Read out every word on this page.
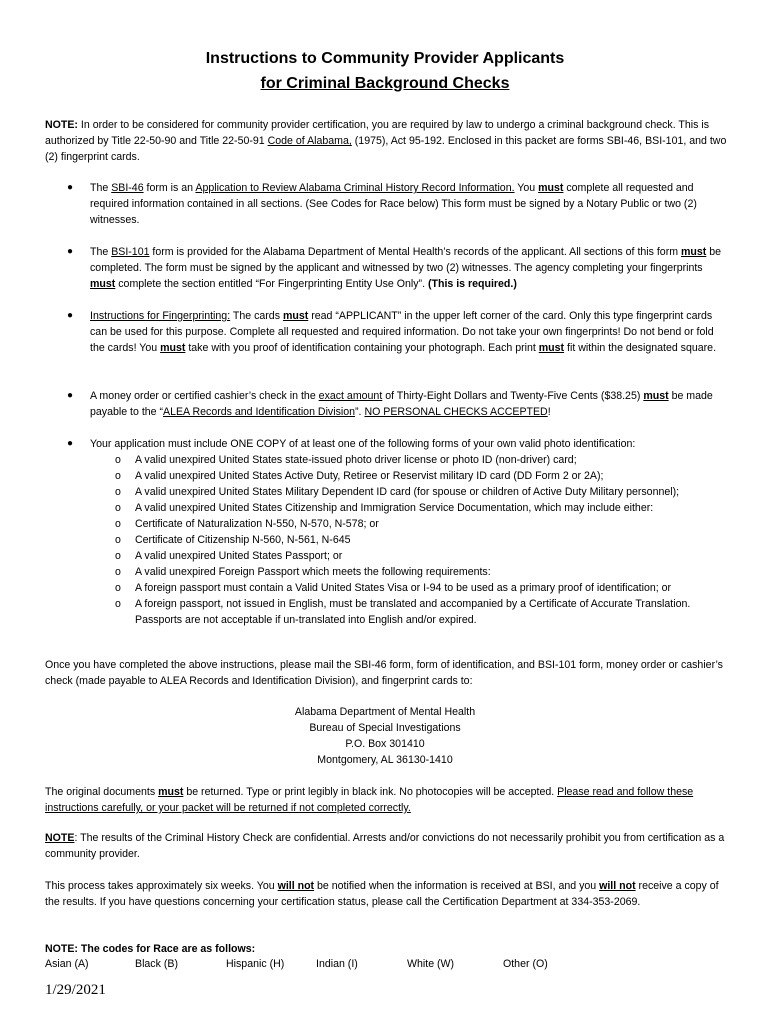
Instructions to Community Provider Applicants
for Criminal Background Checks
NOTE: In order to be considered for community provider certification, you are required by law to undergo a criminal background check. This is authorized by Title 22-50-90 and Title 22-50-91 Code of Alabama, (1975), Act 95-192. Enclosed in this packet are forms SBI-46, BSI-101, and two (2) fingerprint cards.
● The SBI-46 form is an Application to Review Alabama Criminal History Record Information. You must complete all requested and required information contained in all sections. (See Codes for Race below) This form must be signed by a Notary Public or two (2) witnesses.
● The BSI-101 form is provided for the Alabama Department of Mental Health’s records of the applicant. All sections of this form must be completed. The form must be signed by the applicant and witnessed by two (2) witnesses. The agency completing your fingerprints must complete the section entitled “For Fingerprinting Entity Use Only”. (This is required.)
● Instructions for Fingerprinting: The cards must read “APPLICANT” in the upper left corner of the card. Only this type fingerprint cards can be used for this purpose. Complete all requested and required information. Do not take your own fingerprints! Do not bend or fold the cards! You must take with you proof of identification containing your photograph. Each print must fit within the designated square.
● A money order or certified cashier’s check in the exact amount of Thirty-Eight Dollars and Twenty-Five Cents ($38.25) must be made payable to the “ALEA Records and Identification Division”. NO PERSONAL CHECKS ACCEPTED!
● Your application must include ONE COPY of at least one of the following forms of your own valid photo identification:
o A valid unexpired United States state-issued photo driver license or photo ID (non-driver) card;
o A valid unexpired United States Active Duty, Retiree or Reservist military ID card (DD Form 2 or 2A);
o A valid unexpired United States Military Dependent ID card (for spouse or children of Active Duty Military personnel);
o A valid unexpired United States Citizenship and Immigration Service Documentation, which may include either:
o Certificate of Naturalization N-550, N-570, N-578; or
o Certificate of Citizenship N-560, N-561, N-645
o A valid unexpired United States Passport; or
o A valid unexpired Foreign Passport which meets the following requirements:
o A foreign passport must contain a Valid United States Visa or I-94 to be used as a primary proof of identification; or
o A foreign passport, not issued in English, must be translated and accompanied by a Certificate of Accurate Translation. Passports are not acceptable if un-translated into English and/or expired.
Once you have completed the above instructions, please mail the SBI-46 form, form of identification, and BSI-101 form, money order or cashier’s check (made payable to ALEA Records and Identification Division), and fingerprint cards to:
Alabama Department of Mental Health
Bureau of Special Investigations
P.O. Box 301410
Montgomery, AL 36130-1410
The original documents must be returned. Type or print legibly in black ink. No photocopies will be accepted. Please read and follow these instructions carefully, or your packet will be returned if not completed correctly.
NOTE: The results of the Criminal History Check are confidential. Arrests and/or convictions do not necessarily prohibit you from certification as a community provider.
This process takes approximately six weeks. You will not be notified when the information is received at BSI, and you will not receive a copy of the results. If you have questions concerning your certification status, please call the Certification Department at 334-353-2069.
NOTE: The codes for Race are as follows:
Asian (A)	Black (B)	Hispanic (H)	Indian (I)	White (W)	Other (O)
1/29/2021
